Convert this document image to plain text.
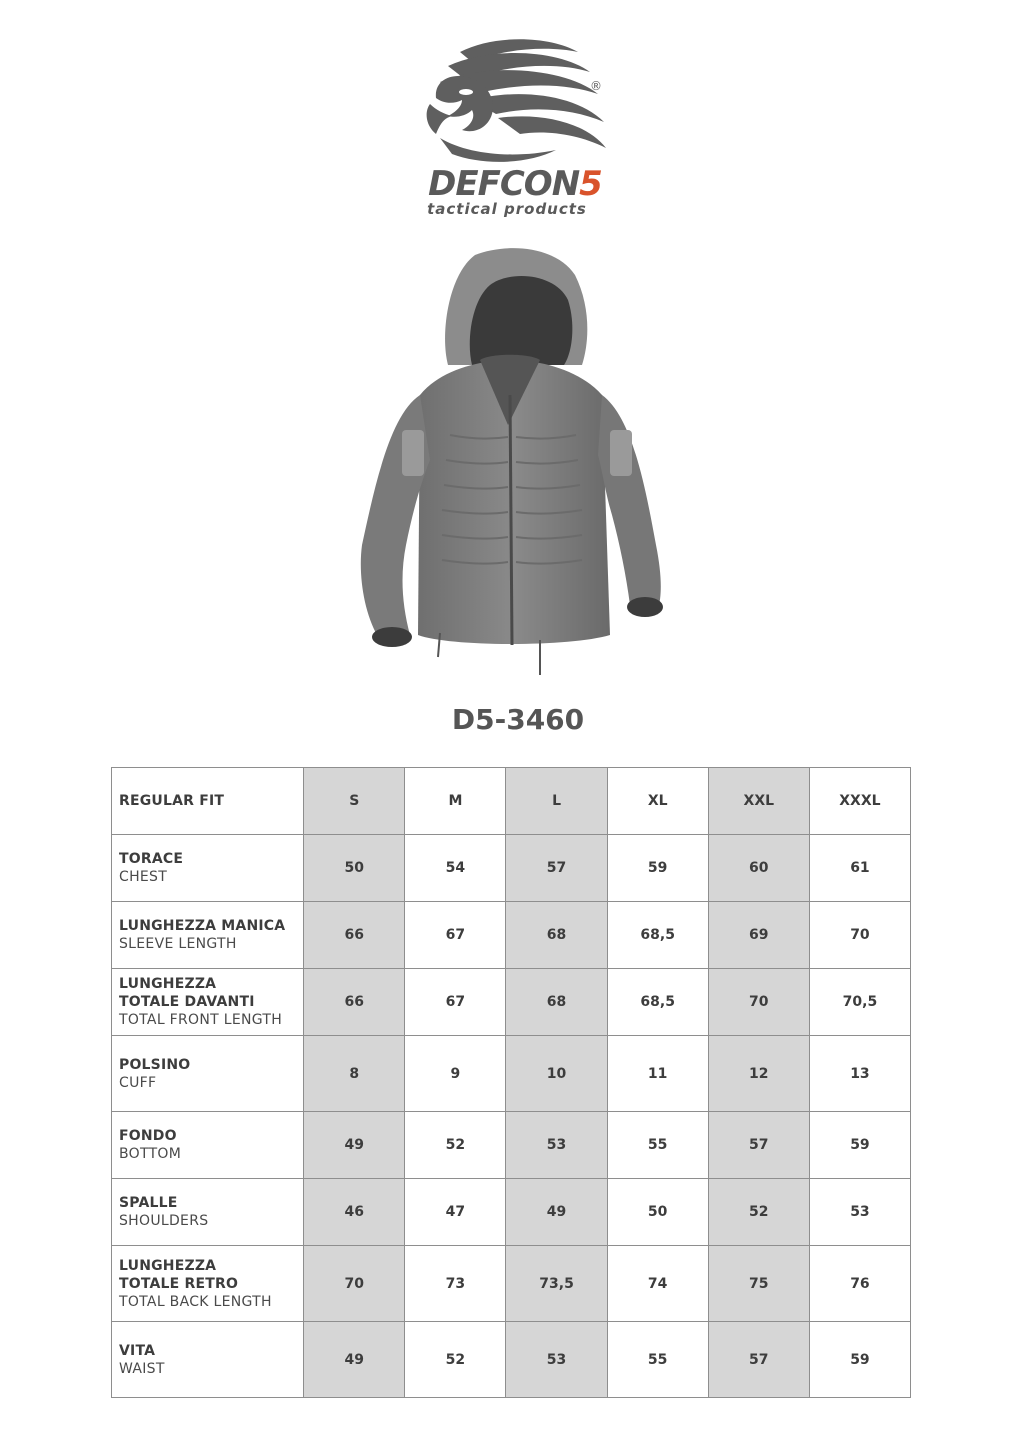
®
DEFCON5
tactical products
D5-3460
REGULAR FIT	S	M	L	XL	XXL	XXXL

TORACE
CHEST	50	54	57	59	60	61

LUNGHEZZA MANICA
SLEEVE LENGTH	66	67	68	68,5	69	70

LUNGHEZZA TOTALE DAVANTI
TOTAL FRONT LENGTH	66	67	68	68,5	70	70,5

POLSINO
CUFF	8	9	10	11	12	13

FONDO
BOTTOM	49	52	53	55	57	59

SPALLE
SHOULDERS	46	47	49	50	52	53

LUNGHEZZA TOTALE RETRO
TOTAL BACK LENGTH	70	73	73,5	74	75	76

VITA
WAIST	49	52	53	55	57	59
